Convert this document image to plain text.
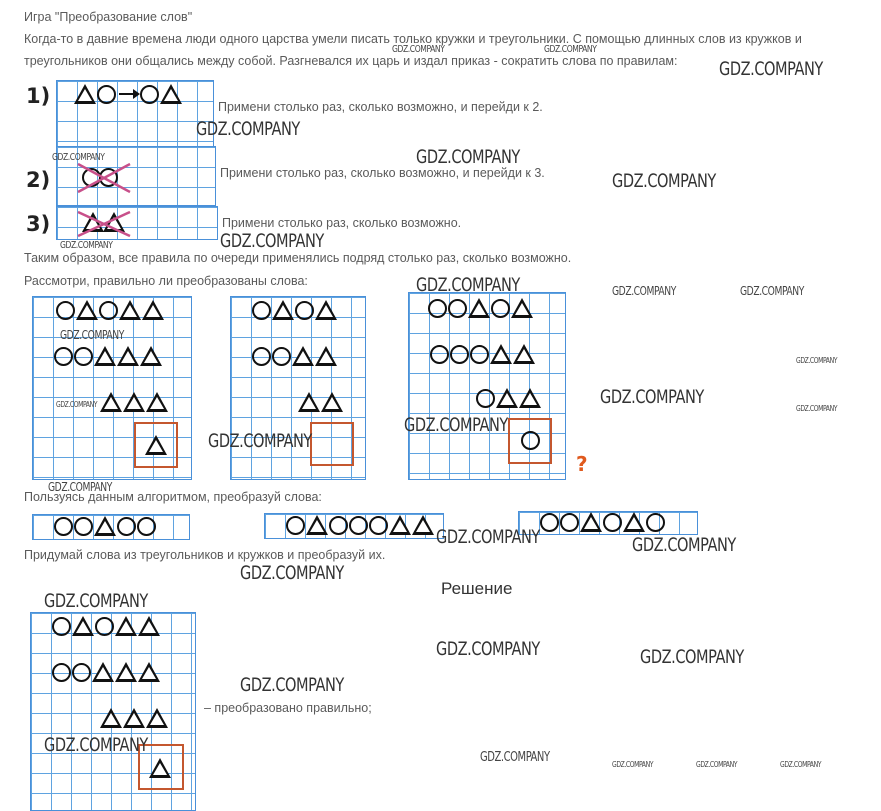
Игра "Преобразование слов"
Когда-то в давние времена люди одного царства умели писать только кружки и треугольники. С помощью длинных слов из кружков и треугольников они общались между собой. Разгневался их царь и издал приказ - сократить слова по правилам:
1)	Примени столько раз, сколько возможно, и перейди к 2.
2)	Примени столько раз, сколько возможно, и перейди к 3.
3)	Примени столько раз, сколько возможно.
Таким образом, все правила по очереди применялись подряд столько раз, сколько возможно.
Рассмотри, правильно ли преобразованы слова:
?
Пользуясь данным алгоритмом, преобразуй слова:
Придумай слова из треугольников и кружков и преобразуй их.
Решение
– преобразовано правильно;
GDZ.COMPANY	GDZ.COMPANY
GDZ.COMPANY
GDZ.COMPANY
GDZ.COMPANY	GDZ.COMPANY
GDZ.COMPANY
GDZ.COMPANY	GDZ.COMPANY
GDZ.COMPANY	GDZ.COMPANY	GDZ.COMPANY
GDZ.COMPANY
GDZ.COMPANY
GDZ.COMPANY	GDZ.COMPANY
GDZ.COMPANY
GDZ.COMPANY
GDZ.COMPANY
GDZ.COMPANY
GDZ.COMPANY	GDZ.COMPANY
GDZ.COMPANY
GDZ.COMPANY
GDZ.COMPANY	GDZ.COMPANY
GDZ.COMPANY
GDZ.COMPANY
GDZ.COMPANY	GDZ.COMPANY	GDZ.COMPANY	GDZ.COMPANY
